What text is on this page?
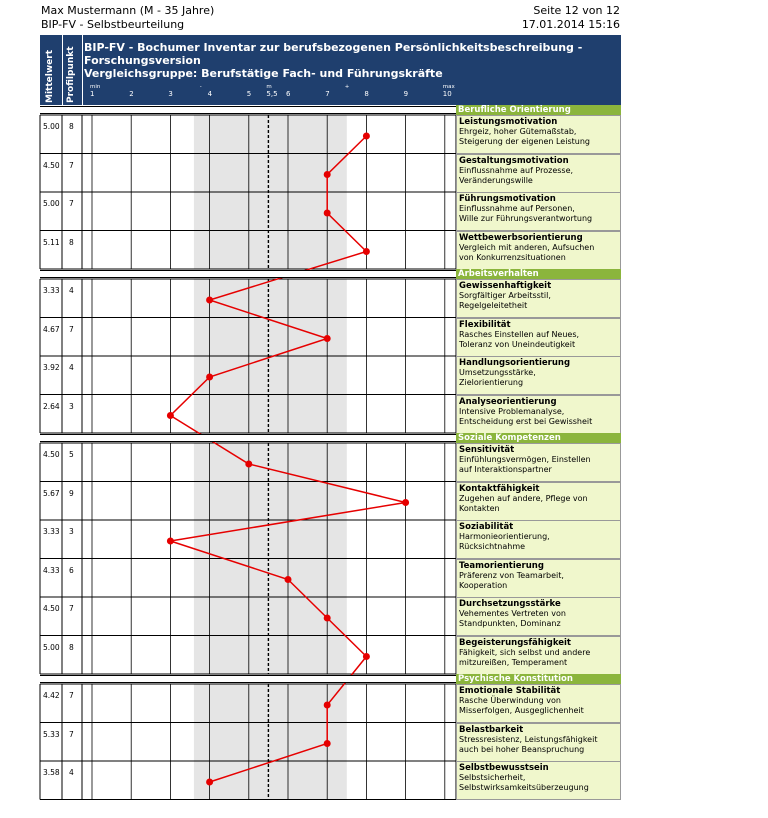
Max Mustermann (M - 35 Jahre)
BIP-FV - Selbstbeurteilung
Seite 12 von 12
17.01.2014 15:16
Mittelwert Profilpunkt BIP-FV - Bochumer Inventar zur berufsbezogenen Persönlichkeitsbeschreibung -
Forschungsversion
Vergleichsgruppe: Berufstätige Fach- und Führungskräfte
1	2	3	4	5 5,5 6	7	8	9	10
min	-	m	+	max
Berufliche Orientierung
Leistungsmotivation
Ehrgeiz, hoher Gütemaßstab,
Steigerung der eigenen Leistung
5.00 8
Gestaltungsmotivation
Einflussnahme auf Prozesse,
Veränderungswille
4.50 7
Führungsmotivation
Einflussnahme auf Personen,
Wille zur Führungsverantwortung
5.00 7
Wettbewerbsorientierung
Vergleich mit anderen, Aufsuchen
von Konkurrenzsituationen
5.11 8
Arbeitsverhalten
Gewissenhaftigkeit
Sorgfältiger Arbeitsstil,
Regelgeleitetheit
3.33 4
Flexibilität
Rasches Einstellen auf Neues,
Toleranz von Uneindeutigkeit
4.67 7
Handlungsorientierung
Umsetzungsstärke,
Zielorientierung
3.92 4
Analyseorientierung
Intensive Problemanalyse,
Entscheidung erst bei Gewissheit
2.64 3
Soziale Kompetenzen
Sensitivität
Einfühlungsvermögen, Einstellen
auf Interaktionspartner
4.50 5
Kontaktfähigkeit
Zugehen auf andere, Pflege von
Kontakten
5.67 9
Soziabilität
Harmonieorientierung,
Rücksichtnahme
3.33 3
Teamorientierung
Präferenz von Teamarbeit,
Kooperation
4.33 6
Durchsetzungsstärke
Vehementes Vertreten von
Standpunkten, Dominanz
4.50 7
Begeisterungsfähigkeit
Fähigkeit, sich selbst und andere
mitzureißen, Temperament
5.00 8
Psychische Konstitution
Emotionale Stabilität
Rasche Überwindung von
Misserfolgen, Ausgeglichenheit
4.42 7
Belastbarkeit
Stressresistenz, Leistungsfähigkeit
auch bei hoher Beanspruchung
5.33 7
Selbstbewusstsein
Selbstsicherheit,
Selbstwirksamkeitsüberzeugung
3.58 4
